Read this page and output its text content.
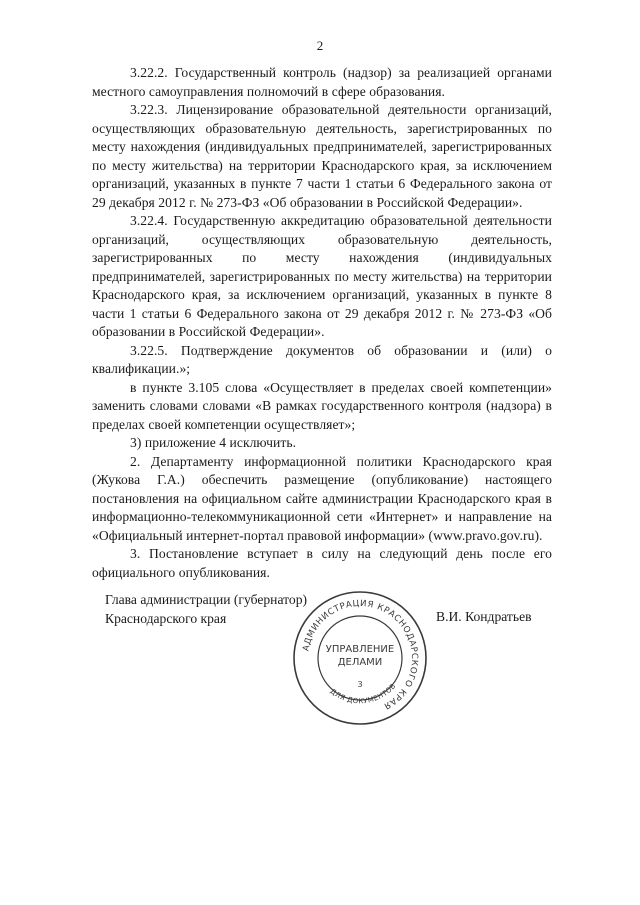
2

3.22.2. Государственный контроль (надзор) за реализацией органами местного самоуправления полномочий в сфере образования.

3.22.3. Лицензирование образовательной деятельности организаций, осуществляющих образовательную деятельность, зарегистрированных по месту нахождения (индивидуальных предпринимателей, зарегистрированных по месту жительства) на территории Краснодарского края, за исключением организаций, указанных в пункте 7 части 1 статьи 6 Федерального закона от 29 декабря 2012 г. № 273-ФЗ «Об образовании в Российской Федерации».

3.22.4. Государственную аккредитацию образовательной деятельности организаций, осуществляющих образовательную деятельность, зарегистрированных по месту нахождения (индивидуальных предпринимателей, зарегистрированных по месту жительства) на территории Краснодарского края, за исключением организаций, указанных в пункте 8 части 1 статьи 6 Федерального закона от 29 декабря 2012 г. № 273-ФЗ «Об образовании в Российской Федерации».

3.22.5. Подтверждение документов об образовании и (или) о квалификации.»;

в пункте 3.105 слова «Осуществляет в пределах своей компетенции» заменить словами словами «В рамках государственного контроля (надзора) в пределах своей компетенции осуществляет»;

3) приложение 4 исключить.

2. Департаменту информационной политики Краснодарского края (Жукова Г.А.) обеспечить размещение (опубликование) настоящего постановления на официальном сайте администрации Краснодарского края в информационно-телекоммуникационной сети «Интернет» и направление на «Официальный интернет-портал правовой информации» (www.pravo.gov.ru).

3. Постановление вступает в силу на следующий день после его официального опубликования.

Глава администрации (губернатор)
Краснодарского края	В.И. Кондратьев
АДМИНИСТРАЦИЯ КРАСНОДАРСКОГО КРАЯ
ДЛЯ ДОКУМЕНТОВ
УПРАВЛЕНИЕ
ДЕЛАМИ
3
